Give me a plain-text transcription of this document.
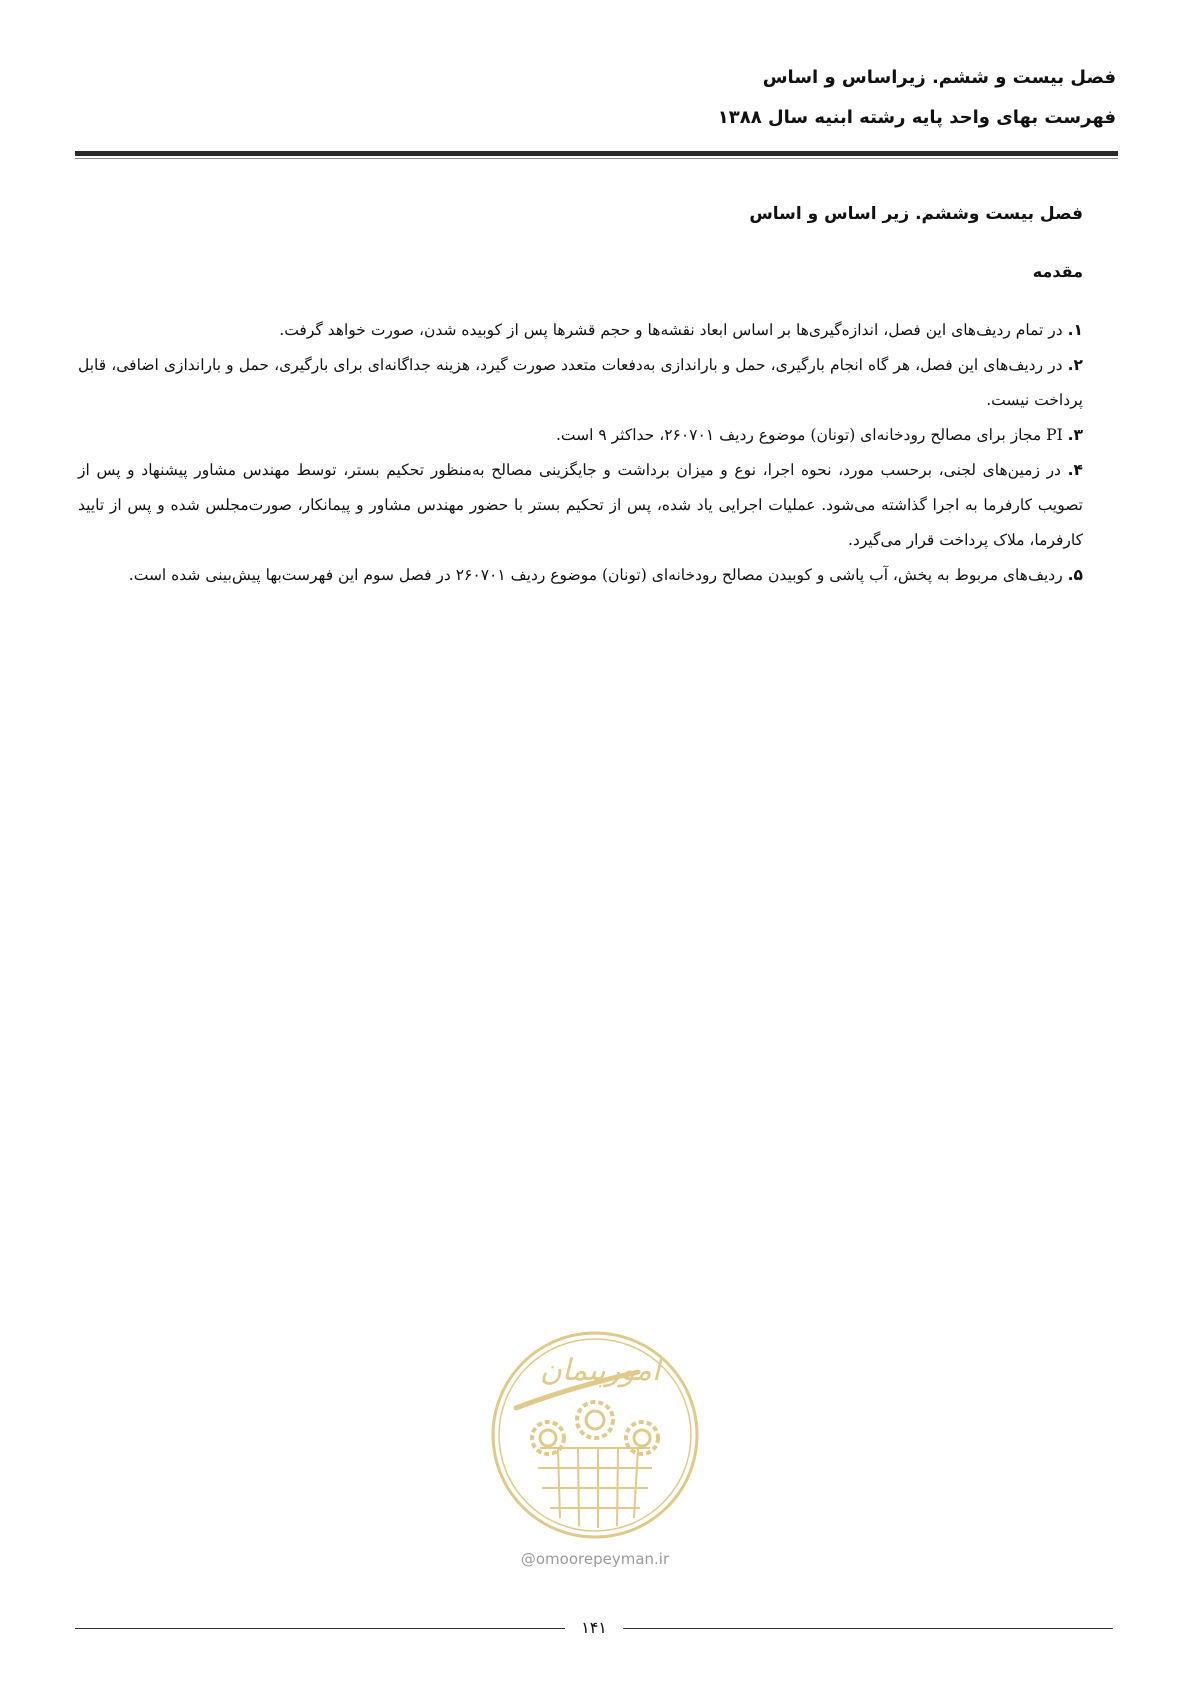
فصل بیست و ششم. زیراساس و اساس
فهرست بهای واحد پایه رشته ابنیه سال ۱۳۸۸
فصل بیست وششم. زیر اساس و اساس
مقدمه

۱. در تمام ردیف‌های این فصل، اندازه‌گیری‌ها بر اساس ابعاد نقشه‌ها و حجم قشرها پس از کوبیده شدن، صورت خواهد گرفت.

۲. در ردیف‌های این فصل، هر گاه انجام بارگیری، حمل و باراندازی به‌دفعات متعدد صورت گیرد، هزینه جداگانه‌ای برای بارگیری، حمل و باراندازی اضافی، قابل پرداخت نیست.

۳. PI مجاز برای مصالح رودخانه‌ای (تونان) موضوع ردیف ۲۶۰۷۰۱، حداکثر ۹ است.

۴. در زمین‌های لجنی، برحسب مورد، نحوه اجرا، نوع و میزان برداشت و جایگزینی مصالح به‌منظور تحکیم بستر، توسط مهندس مشاور پیشنهاد و پس از تصویب کارفرما به اجرا گذاشته می‌شود. عملیات اجرایی یاد شده، پس از تحکیم بستر با حضور مهندس مشاور و پیمانکار، صورت‌مجلس شده و پس از تایید کارفرما، ملاک پرداخت قرار می‌گیرد.

۵. ردیف‌های مربوط به پخش، آب پاشی و کوبیدن مصالح رودخانه‌ای (تونان) موضوع ردیف ۲۶۰۷۰۱ در فصل سوم این فهرست‌بها پیش‌بینی شده است.

امورپیمان
@omoorepeyman.ir
۱۴۱
